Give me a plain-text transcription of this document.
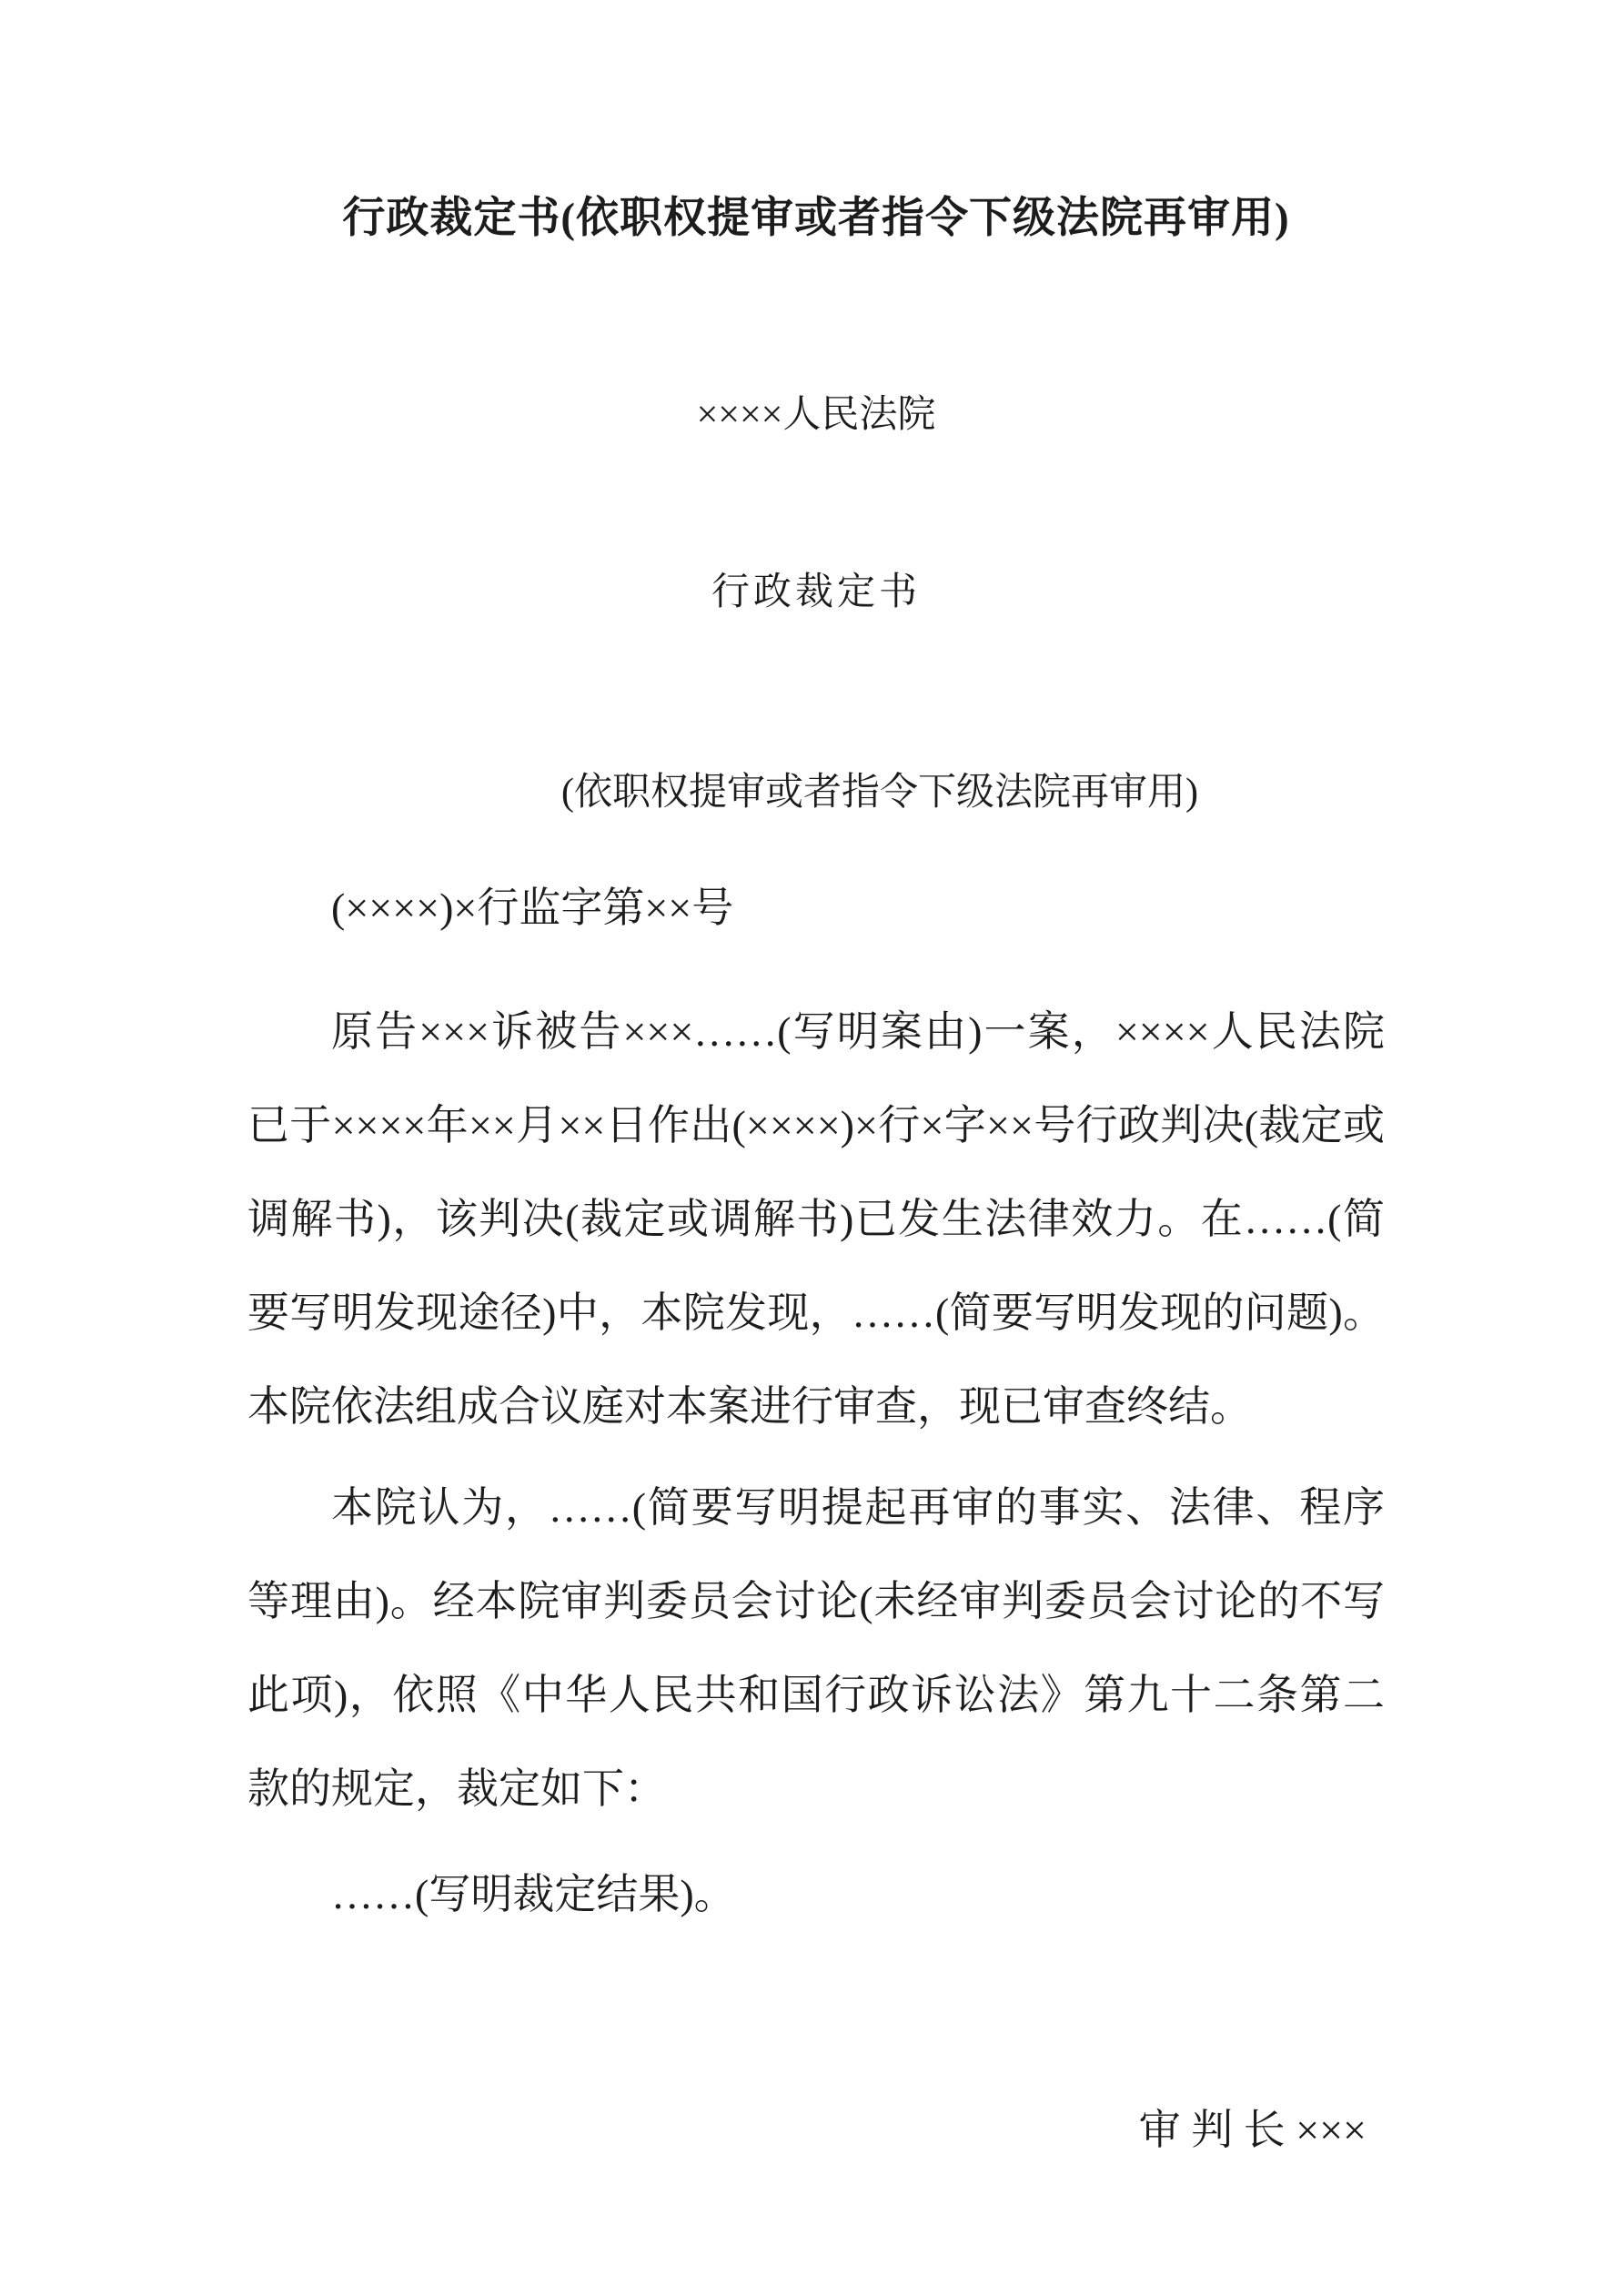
行政裁定书(依职权提审或者指令下级法院再审用)
××××人民法院
行政裁定书
(依职权提审或者指令下级法院再审用)
(××××)×行监字第××号

原告×××诉被告×××……(写明案由)一案，××××人民法院已于××××年××月××日作出(××××)×行×字××号行政判决(裁定或调解书)，该判决(裁定或调解书)已发生法律效力。在……(简要写明发现途径)中，本院发现，……(简要写明发现的问题)。本院依法组成合议庭对本案进行审查，现已审查终结。

本院认为，……(简要写明提起再审的事实、法律、程序等理由)。经本院审判委员会讨论(未经审判委员会讨论的不写此项)，依照《中华人民共和国行政诉讼法》第九十二条第二款的规定，裁定如下：

……(写明裁定结果)。

审 判 长 ×××
